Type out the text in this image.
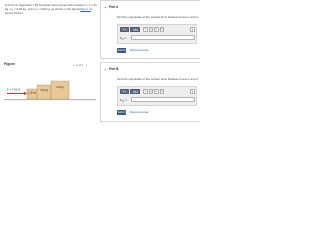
A force of magnitude 7.50 N pushes three boxes with masses m₁ = 1.30 kg, m₂ = 3.20 kg, and m₃ = 4.90 kg, as shown in the figure(Figure 1). Ignore friction.
Part A
Find the magnitude of the contact force between boxes 1 and 2.
ΑΣφ	?
F₁₂ =
Submit Request Answer
Part B
Find the magnitude of the contact force between boxes 2 and 3.
ΑΣφ	?
F₂₃ =
Submit Request Answer
Figure	1 of 1
F = 7.50 N
1.30 kg
3.20 kg
4.90 kg
